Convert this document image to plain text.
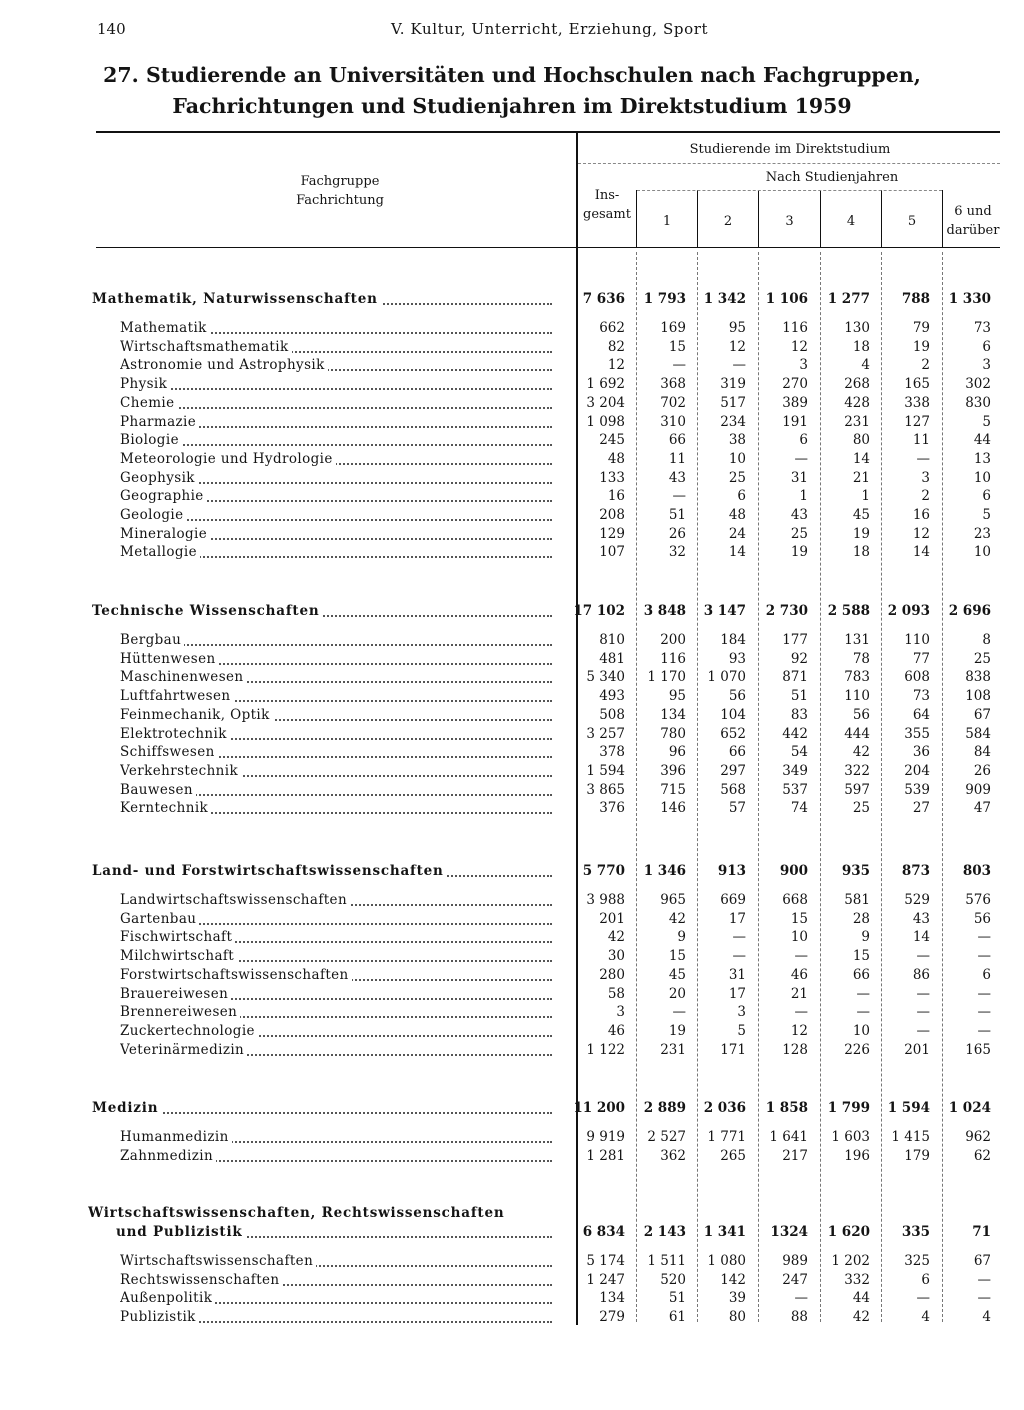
140	V. Kultur, Unterricht, Erziehung, Sport
27. Studierende an Universitäten und Hochschulen nach Fachgruppen,
Fachrichtungen und Studienjahren im Direktstudium 1959
Fachgruppe
Fachrichtung
Studierende im Direktstudium
Ins-
gesamt
Nach Studienjahren
1	2	3	4	5
6 und
darüber
Mathematik, Naturwissenschaften	7 636	1 793	1 342	1 106	1 277	788	1 330
Mathematik	662	169	95	116	130	79	73
Wirtschaftsmathematik	82	15	12	12	18	19	6
Astronomie und Astrophysik	12	—	—	3	4	2	3
Physik	1 692	368	319	270	268	165	302
Chemie	3 204	702	517	389	428	338	830
Pharmazie	1 098	310	234	191	231	127	5
Biologie	245	66	38	6	80	11	44
Meteorologie und Hydrologie	48	11	10	—	14	—	13
Geophysik	133	43	25	31	21	3	10
Geographie	16	—	6	1	1	2	6
Geologie	208	51	48	43	45	16	5
Mineralogie	129	26	24	25	19	12	23
Metallogie	107	32	14	19	18	14	10
Technische Wissenschaften	17 102	3 848	3 147	2 730	2 588	2 093	2 696
Bergbau	810	200	184	177	131	110	8
Hüttenwesen	481	116	93	92	78	77	25
Maschinenwesen	5 340	1 170	1 070	871	783	608	838
Luftfahrtwesen	493	95	56	51	110	73	108
Feinmechanik, Optik	508	134	104	83	56	64	67
Elektrotechnik	3 257	780	652	442	444	355	584
Schiffswesen	378	96	66	54	42	36	84
Verkehrstechnik	1 594	396	297	349	322	204	26
Bauwesen	3 865	715	568	537	597	539	909
Kerntechnik	376	146	57	74	25	27	47
Land- und Forstwirtschaftswissenschaften	5 770	1 346	913	900	935	873	803
Landwirtschaftswissenschaften	3 988	965	669	668	581	529	576
Gartenbau	201	42	17	15	28	43	56
Fischwirtschaft	42	9	—	10	9	14	—
Milchwirtschaft	30	15	—	—	15	—	—
Forstwirtschaftswissenschaften	280	45	31	46	66	86	6
Brauereiwesen	58	20	17	21	—	—	—
Brennereiwesen	3	—	3	—	—	—	—
Zuckertechnologie	46	19	5	12	10	—	—
Veterinärmedizin	1 122	231	171	128	226	201	165
Medizin	11 200	2 889	2 036	1 858	1 799	1 594	1 024
Humanmedizin	9 919	2 527	1 771	1 641	1 603	1 415	962
Zahnmedizin	1 281	362	265	217	196	179	62
Wirtschaftswissenschaften, Rechtswissenschaften
und Publizistik	6 834	2 143	1 341	1324	1 620	335	71
Wirtschaftswissenschaften	5 174	1 511	1 080	989	1 202	325	67
Rechtswissenschaften	1 247	520	142	247	332	6	—
Außenpolitik	134	51	39	—	44	—	—
Publizistik	279	61	80	88	42	4	4
